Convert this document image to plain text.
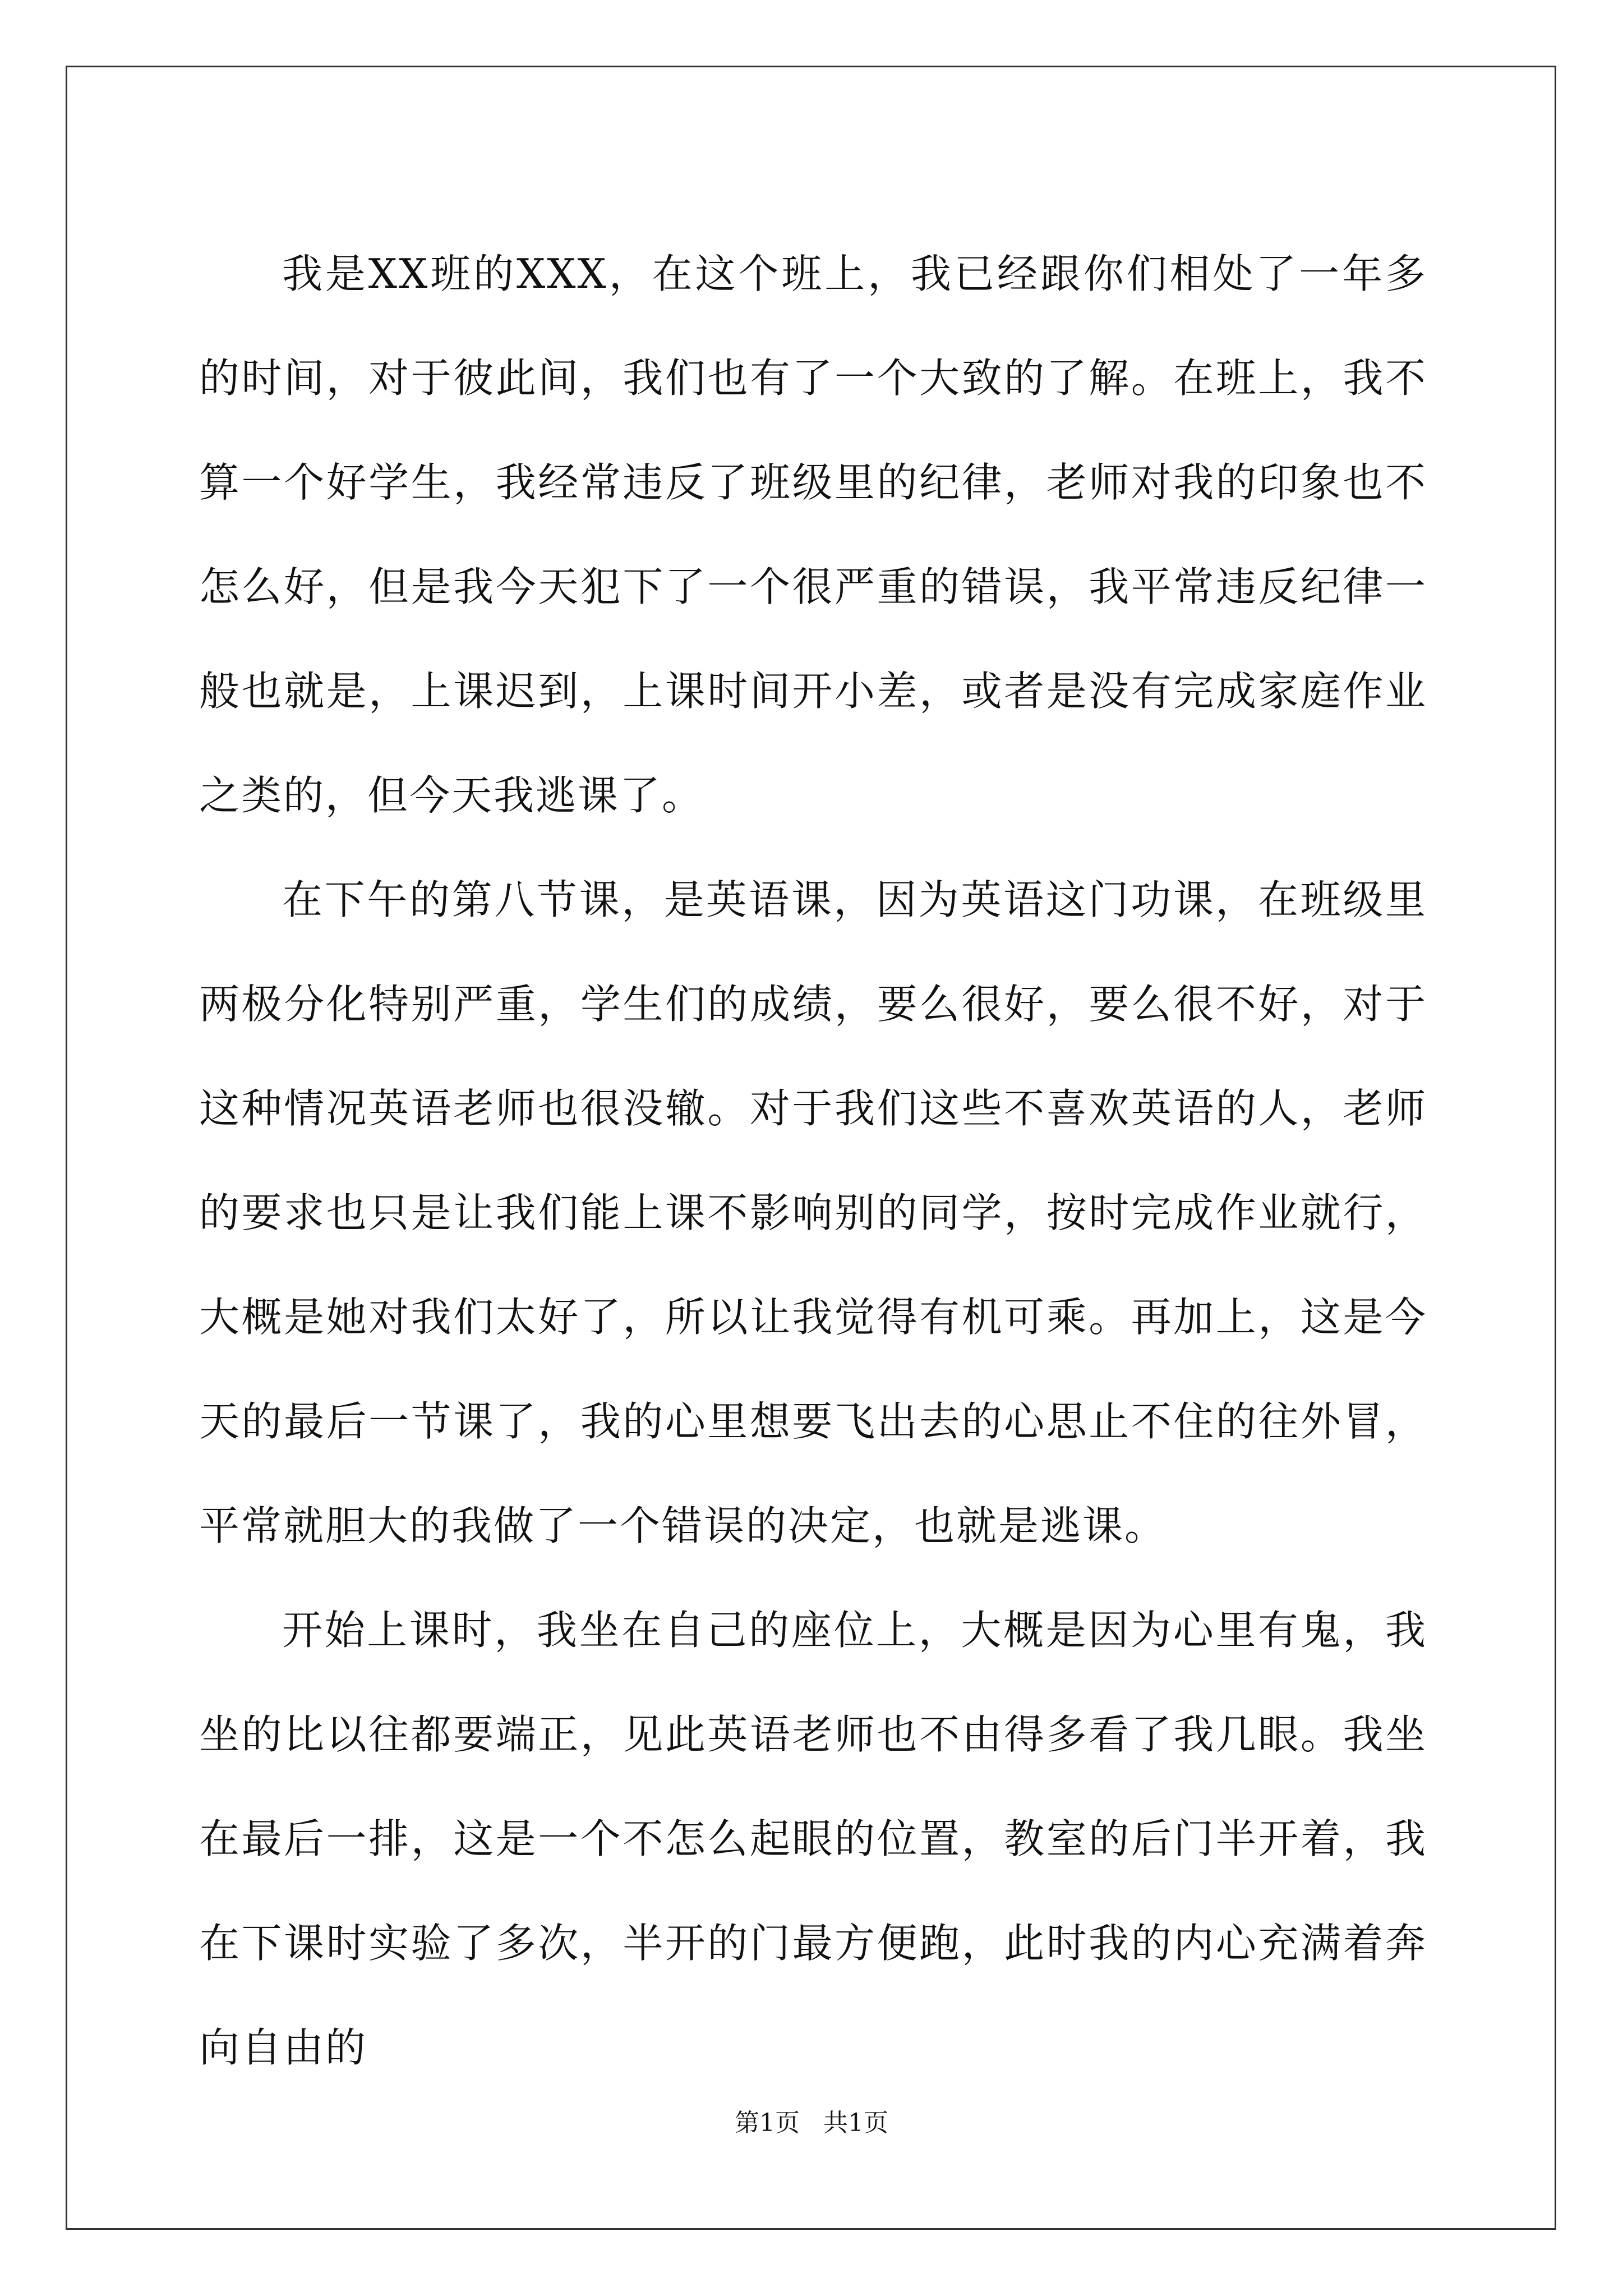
我是XX班的XXX，在这个班上，我已经跟你们相处了一年多的时间，对于彼此间，我们也有了一个大致的了解。在班上，我不算一个好学生，我经常违反了班级里的纪律，老师对我的印象也不怎么好，但是我今天犯下了一个很严重的错误，我平常违反纪律一般也就是，上课迟到，上课时间开小差，或者是没有完成家庭作业之类的，但今天我逃课了。

在下午的第八节课，是英语课，因为英语这门功课，在班级里两极分化特别严重，学生们的成绩，要么很好，要么很不好，对于这种情况英语老师也很没辙。对于我们这些不喜欢英语的人，老师的要求也只是让我们能上课不影响别的同学，按时完成作业就行，大概是她对我们太好了，所以让我觉得有机可乘。再加上，这是今天的最后一节课了，我的心里想要飞出去的心思止不住的往外冒，平常就胆大的我做了一个错误的决定，也就是逃课。

开始上课时，我坐在自己的座位上，大概是因为心里有鬼，我坐的比以往都要端正，见此英语老师也不由得多看了我几眼。我坐在最后一排，这是一个不怎么起眼的位置，教室的后门半开着，我在下课时实验了多次，半开的门最方便跑，此时我的内心充满着奔向自由的

第1页   共1页
